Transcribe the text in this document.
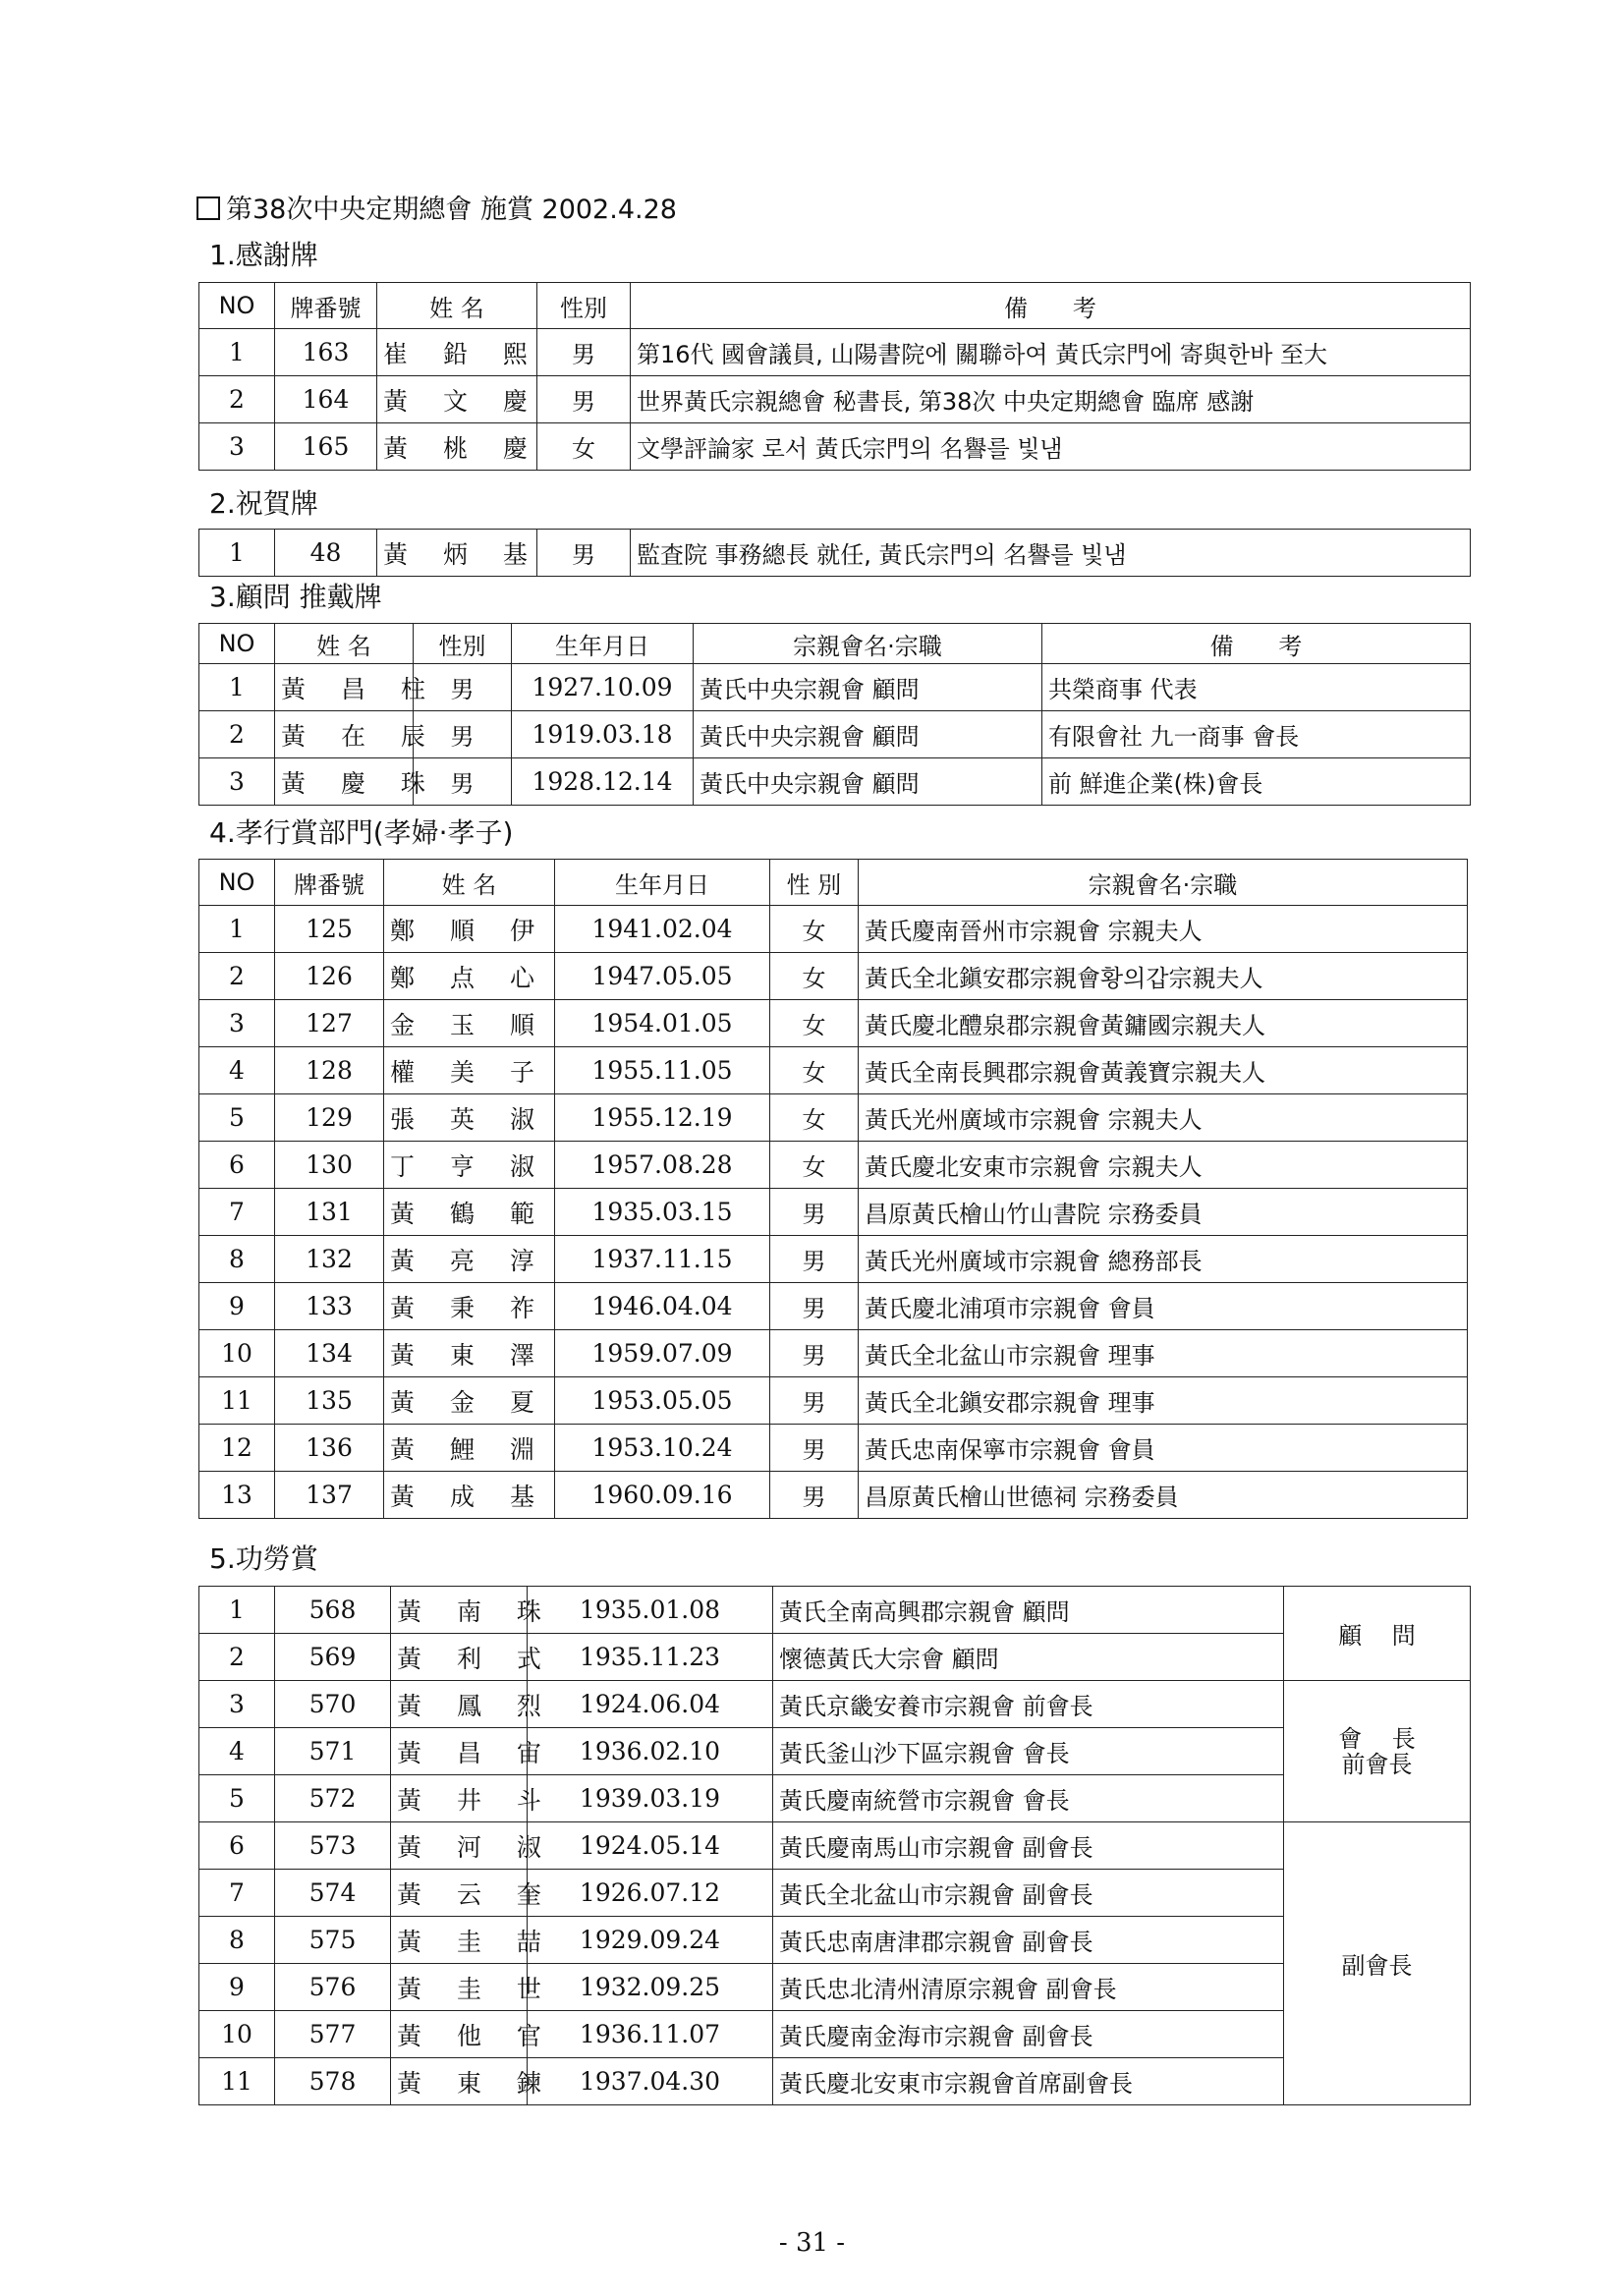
第38次中央定期總會 施賞 2002.4.28
1.感謝牌
NO	牌番號	姓 名	性別	備      考
1	163	崔 鉛 熙	男	第16代 國會議員, 山陽書院에 關聯하여 黃氏宗門에 寄與한바 至大
2	164	黃 文 慶	男	世界黃氏宗親總會 秘書長, 第38次 中央定期總會 臨席 感謝
3	165	黃 桃 慶	女	文學評論家 로서 黃氏宗門의 名譽를 빛냄
2.祝賀牌
1	48	黃 炳 基	男	監査院 事務總長 就任, 黃氏宗門의 名譽를 빛냄
3.顧問 推戴牌
NO	姓 名	性別	生年月日	宗親會名·宗職	備      考
1	黃 昌 柱	男	1927.10.09	黃氏中央宗親會 顧問	共榮商事 代表
2	黃 在 辰	男	1919.03.18	黃氏中央宗親會 顧問	有限會社 九一商事 會長
3	黃 慶 珠	男	1928.12.14	黃氏中央宗親會 顧問	前 鮮進企業(株)會長
4.孝行賞部門(孝婦·孝子)
NO	牌番號	姓 名	生年月日	性 別	宗親會名·宗職
1	125	鄭 順 伊	1941.02.04	女	黃氏慶南晉州市宗親會 宗親夫人
2	126	鄭 点 心	1947.05.05	女	黃氏全北鎭安郡宗親會황의갑宗親夫人
3	127	金 玉 順	1954.01.05	女	黃氏慶北醴泉郡宗親會黃鏞國宗親夫人
4	128	權 美 子	1955.11.05	女	黃氏全南長興郡宗親會黃義寶宗親夫人
5	129	張 英 淑	1955.12.19	女	黃氏光州廣域市宗親會 宗親夫人
6	130	丁 亨 淑	1957.08.28	女	黃氏慶北安東市宗親會 宗親夫人
7	131	黃 鶴 範	1935.03.15	男	昌原黃氏檜山竹山書院 宗務委員
8	132	黃 亮 淳	1937.11.15	男	黃氏光州廣域市宗親會 總務部長
9	133	黃 秉 祚	1946.04.04	男	黃氏慶北浦項市宗親會 會員
10	134	黃 東 澤	1959.07.09	男	黃氏全北盆山市宗親會 理事
11	135	黃 金 夏	1953.05.05	男	黃氏全北鎭安郡宗親會 理事
12	136	黃 鯉 淵	1953.10.24	男	黃氏忠南保寧市宗親會 會員
13	137	黃 成 基	1960.09.16	男	昌原黃氏檜山世德祠 宗務委員
5.功勞賞
1	568	黃 南 珠	1935.01.08	黃氏全南高興郡宗親會 顧問	顧    問
2	569	黃 利 式	1935.11.23	懷德黃氏大宗會 顧問	
3	570	黃 鳳 烈	1924.06.04	黃氏京畿安養市宗親會 前會長	會    長
前會長

4	571	黃 昌 宙	1936.02.10	黃氏釜山沙下區宗親會 會長	
5	572	黃 井 斗	1939.03.19	黃氏慶南統營市宗親會 會長	
6	573	黃 河 淑	1924.05.14	黃氏慶南馬山市宗親會 副會長	副會長
7	574	黃 云 奎	1926.07.12	黃氏全北盆山市宗親會 副會長	
8	575	黃 圭 喆	1929.09.24	黃氏忠南唐津郡宗親會 副會長	
9	576	黃 圭 世	1932.09.25	黃氏忠北清州清原宗親會 副會長	
10	577	黃 他 官	1936.11.07	黃氏慶南金海市宗親會 副會長	
11	578	黃 東 鍊	1937.04.30	黃氏慶北安東市宗親會首席副會長	
- 31 -
